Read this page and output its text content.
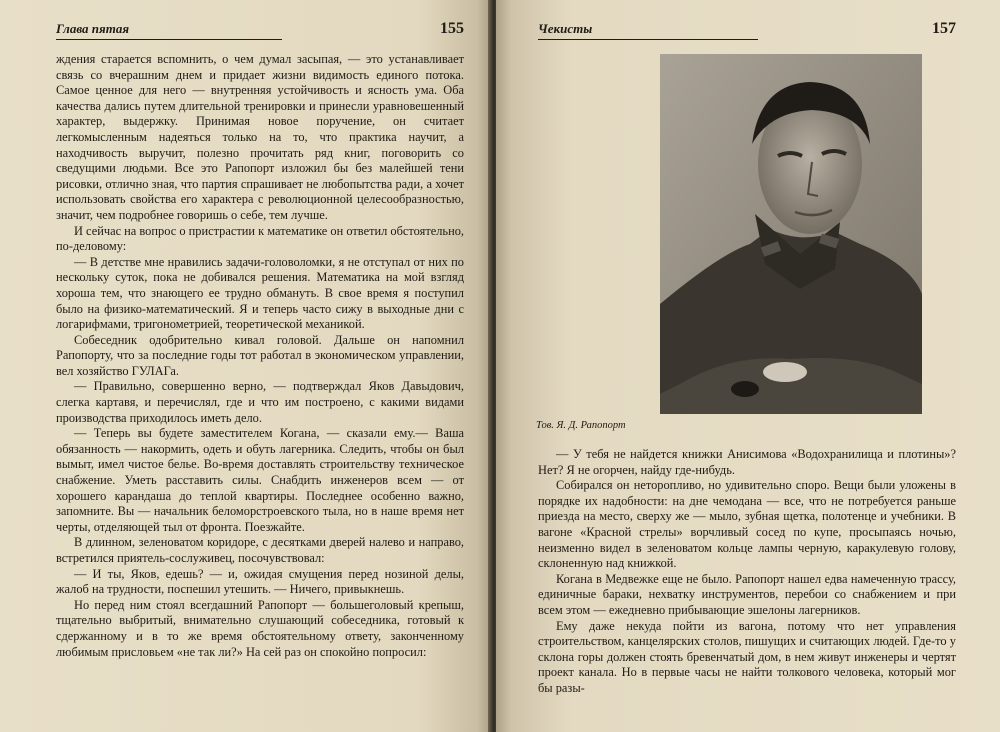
Глава пятая	155

ждения старается вспомнить, о чем думал засыпая, — это устанавливает связь со вчерашним днем и придает жизни видимость единого потока. Самое ценное для него — внутренняя устойчивость и ясность ума. Оба качества дались путем длительной тренировки и принесли уравновешенный характер, выдержку. Принимая новое поручение, он считает легкомысленным надеяться только на то, что практика научит, а находчивость выручит, полезно прочитать ряд книг, поговорить со сведущими людьми. Все это Рапопорт изложил бы без малейшей тени рисовки, отлично зная, что партия спрашивает не любопытства ради, а хочет использовать свойства его характера с революционной целесообразностью, значит, чем подробнее говоришь о себе, тем лучше.

И сейчас на вопрос о пристрастии к математике он ответил обстоятельно, по-деловому:

— В детстве мне нравились задачи-головоломки, я не отступал от них по нескольку суток, пока не добивался решения. Математика на мой взгляд хороша тем, что знающего ее трудно обмануть. В свое время я поступил было на физико-математический. Я и теперь часто сижу в выходные дни с логарифмами, тригонометрией, теоретической механикой.

Собеседник одобрительно кивал головой. Дальше он напомнил Рапопорту, что за последние годы тот работал в экономическом управлении, вел хозяйство ГУЛАГа.

— Правильно, совершенно верно, — подтверждал Яков Давыдович, слегка картавя, и перечислял, где и что им построено, с какими видами производства приходилось иметь дело.

— Теперь вы будете заместителем Когана, — сказали ему.— Ваша обязанность — накормить, одеть и обуть лагерника. Следить, чтобы он был вымыт, имел чистое белье. Во-время доставлять строительству техническое снабжение. Уметь расставить силы. Снабдить инженеров всем — от хорошего карандаша до теплой квартиры. Последнее особенно важно, запомните. Вы — начальник беломорстроевского тыла, но в наше время нет черты, отделяющей тыл от фронта. Поезжайте.

В длинном, зеленоватом коридоре, с десятками дверей налево и направо, встретился приятель-сослуживец, посочувствовал:

— И ты, Яков, едешь? — и, ожидая смущения перед нозиной делы, жалоб на трудности, поспешил утешить. — Ничего, привыкнешь.

Но перед ним стоял всегдашний Рапопорт — большеголовый крепыш, тщательно выбритый, внимательно слушающий собеседника, готовый к сдержанному и в то же время обстоятельному ответу, законченному любимым присловьем «не так ли?» На сей раз он спокойно попросил:

Чекисты	157
Тов. Я. Д. Рапопорт

— У тебя не найдется книжки Анисимова «Водохранилища и плотины»? Нет? Я не огорчен, найду где-нибудь.

Собирался он неторопливо, но удивительно споро. Вещи были уложены в порядке их надобности: на дне чемодана — все, что не потребуется раньше приезда на место, сверху же — мыло, зубная щетка, полотенце и учебники. В вагоне «Красной стрелы» ворчливый сосед по купе, просыпаясь ночью, неизменно видел в зеленоватом кольце лампы черную, каракулевую голову, склоненную над книжкой.

Когана в Медвежке еще не было. Рапопорт нашел едва намеченную трассу, единичные бараки, нехватку инструментов, перебои со снабжением и при всем этом — ежедневно прибывающие эшелоны лагерников.

Ему даже некуда пойти из вагона, потому что нет управления строительством, канцелярских столов, пишущих и считающих людей. Где-то у склона горы должен стоять бревенчатый дом, в нем живут инженеры и чертят проект канала. Но в первые часы не найти толкового человека, который мог бы разы-
